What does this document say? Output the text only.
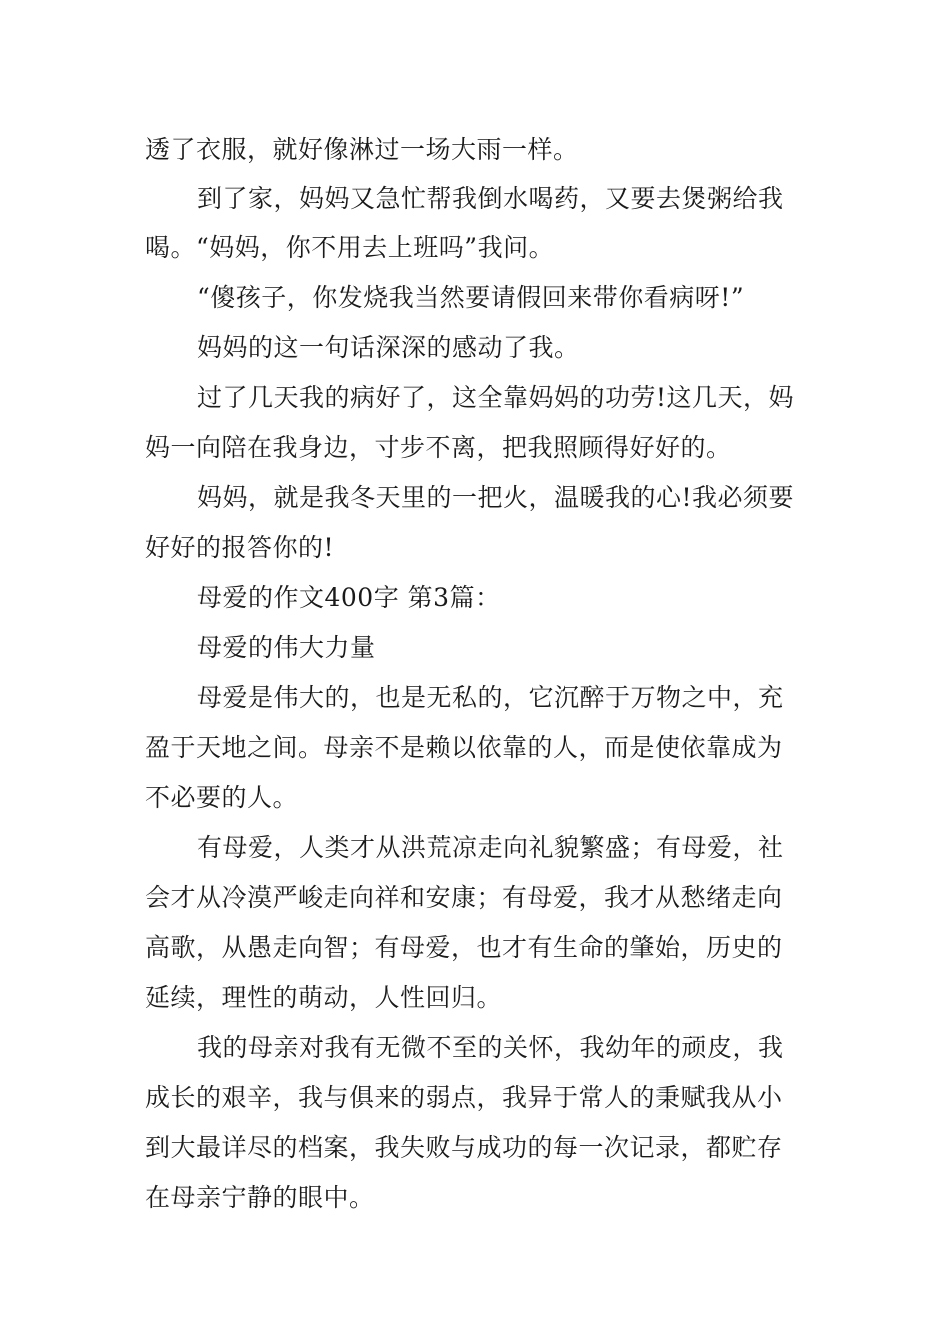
透了衣服，就好像淋过一场大雨一样。
到了家，妈妈又急忙帮我倒水喝药，又要去煲粥给我
喝。“妈妈，你不用去上班吗”我问。
“傻孩子，你发烧我当然要请假回来带你看病呀!”
妈妈的这一句话深深的感动了我。
过了几天我的病好了，这全靠妈妈的功劳!这几天，妈
妈一向陪在我身边，寸步不离，把我照顾得好好的。
妈妈，就是我冬天里的一把火，温暖我的心!我必须要
好好的报答你的!
母爱的作文400字 第3篇：
母爱的伟大力量
母爱是伟大的，也是无私的，它沉醉于万物之中，充
盈于天地之间。母亲不是赖以依靠的人，而是使依靠成为
不必要的人。
有母爱，人类才从洪荒凉走向礼貌繁盛；有母爱，社
会才从冷漠严峻走向祥和安康；有母爱，我才从愁绪走向
高歌，从愚走向智；有母爱，也才有生命的肇始，历史的
延续，理性的萌动，人性回归。
我的母亲对我有无微不至的关怀，我幼年的顽皮，我
成长的艰辛，我与俱来的弱点，我异于常人的秉赋我从小
到大最详尽的档案，我失败与成功的每一次记录，都贮存
在母亲宁静的眼中。
